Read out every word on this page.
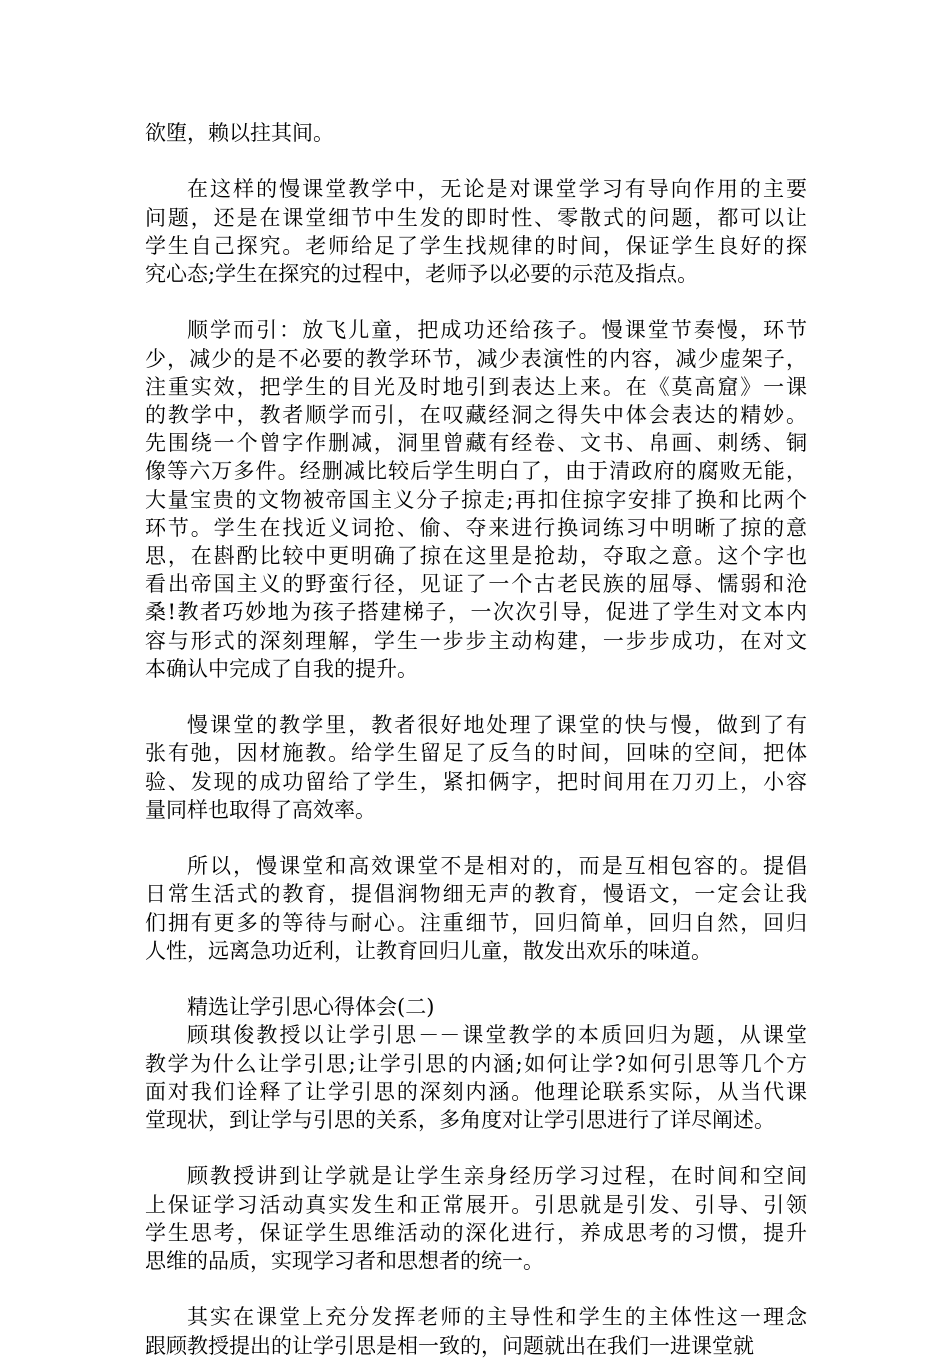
欲堕，赖以拄其间。
在这样的慢课堂教学中，无论是对课堂学习有导向作用的主要
问题，还是在课堂细节中生发的即时性、零散式的问题，都可以让
学生自己探究。老师给足了学生找规律的时间，保证学生良好的探
究心态;学生在探究的过程中，老师予以必要的示范及指点。
顺学而引：放飞儿童，把成功还给孩子。慢课堂节奏慢，环节
少，减少的是不必要的教学环节，减少表演性的内容，减少虚架子，
注重实效，把学生的目光及时地引到表达上来。在《莫高窟》一课
的教学中，教者顺学而引，在叹藏经洞之得失中体会表达的精妙。
先围绕一个曾字作删减，洞里曾藏有经卷、文书、帛画、刺绣、铜
像等六万多件。经删减比较后学生明白了，由于清政府的腐败无能，
大量宝贵的文物被帝国主义分子掠走;再扣住掠字安排了换和比两个
环节。学生在找近义词抢、偷、夺来进行换词练习中明晰了掠的意
思，在斟酌比较中更明确了掠在这里是抢劫，夺取之意。这个字也
看出帝国主义的野蛮行径，见证了一个古老民族的屈辱、懦弱和沧
桑!教者巧妙地为孩子搭建梯子，一次次引导，促进了学生对文本内
容与形式的深刻理解，学生一步步主动构建，一步步成功，在对文
本确认中完成了自我的提升。
慢课堂的教学里，教者很好地处理了课堂的快与慢，做到了有
张有弛，因材施教。给学生留足了反刍的时间，回味的空间，把体
验、发现的成功留给了学生，紧扣俩字，把时间用在刀刃上，小容
量同样也取得了高效率。
所以，慢课堂和高效课堂不是相对的，而是互相包容的。提倡
日常生活式的教育，提倡润物细无声的教育，慢语文，一定会让我
们拥有更多的等待与耐心。注重细节，回归简单，回归自然，回归
人性，远离急功近利，让教育回归儿童，散发出欢乐的味道。
精选让学引思心得体会(二)
顾琪俊教授以让学引思－－课堂教学的本质回归为题，从课堂
教学为什么让学引思;让学引思的内涵;如何让学?如何引思等几个方
面对我们诠释了让学引思的深刻内涵。他理论联系实际，从当代课
堂现状，到让学与引思的关系，多角度对让学引思进行了详尽阐述。
顾教授讲到让学就是让学生亲身经历学习过程，在时间和空间
上保证学习活动真实发生和正常展开。引思就是引发、引导、引领
学生思考，保证学生思维活动的深化进行，养成思考的习惯，提升
思维的品质，实现学习者和思想者的统一。
其实在课堂上充分发挥老师的主导性和学生的主体性这一理念
跟顾教授提出的让学引思是相一致的，问题就出在我们一进课堂就
